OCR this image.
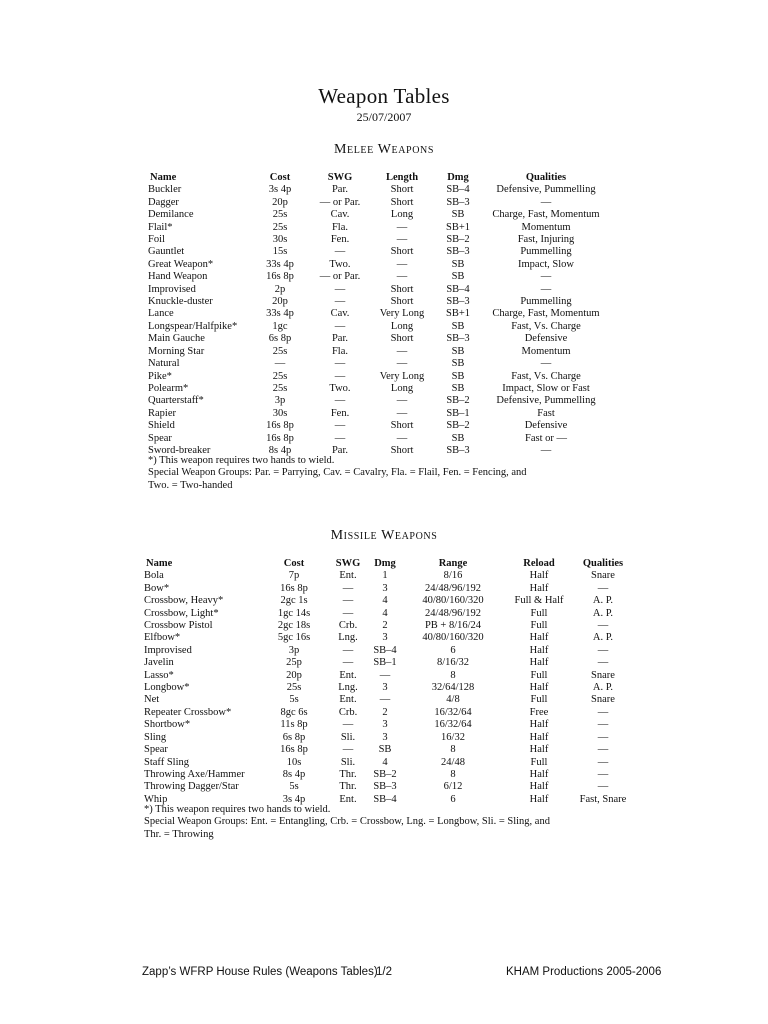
Weapon Tables
25/07/2007
Melee Weapons
Name	Cost	SWG	Length	Dmg	Qualities
Buckler	3s 4p	Par.	Short	SB–4	Defensive, Pummelling
Dagger	20p	— or Par.	Short	SB–3	—
Demilance	25s	Cav.	Long	SB	Charge, Fast, Momentum
Flail*	25s	Fla.	—	SB+1	Momentum
Foil	30s	Fen.	—	SB–2	Fast, Injuring
Gauntlet	15s	—	Short	SB–3	Pummelling
Great Weapon*	33s 4p	Two.	—	SB	Impact, Slow
Hand Weapon	16s 8p	— or Par.	—	SB	—
Improvised	2p	—	Short	SB–4	—
Knuckle-duster	20p	—	Short	SB–3	Pummelling
Lance	33s 4p	Cav.	Very Long	SB+1	Charge, Fast, Momentum
Longspear/Halfpike*	1gc	—	Long	SB	Fast, Vs. Charge
Main Gauche	6s 8p	Par.	Short	SB–3	Defensive
Morning Star	25s	Fla.	—	SB	Momentum
Natural	—	—	—	SB	—
Pike*	25s	—	Very Long	SB	Fast, Vs. Charge
Polearm*	25s	Two.	Long	SB	Impact, Slow or Fast
Quarterstaff*	3p	—	—	SB–2	Defensive, Pummelling
Rapier	30s	Fen.	—	SB–1	Fast
Shield	16s 8p	—	Short	SB–2	Defensive
Spear	16s 8p	—	—	SB	Fast or —
Sword-breaker	8s 4p	Par.	Short	SB–3	—
*) This weapon requires two hands to wield.
Special Weapon Groups: Par. = Parrying, Cav. = Cavalry, Fla. = Flail, Fen. = Fencing, and
Two. = Two-handed
Missile Weapons
Name	Cost	SWG	Dmg	Range	Reload	Qualities
Bola	7p	Ent.	1	8/16	Half	Snare
Bow*	16s 8p	—	3	24/48/96/192	Half	—
Crossbow, Heavy*	2gc 1s	—	4	40/80/160/320	Full & Half	A. P.
Crossbow, Light*	1gc 14s	—	4	24/48/96/192	Full	A. P.
Crossbow Pistol	2gc 18s	Crb.	2	PB + 8/16/24	Full	—
Elfbow*	5gc 16s	Lng.	3	40/80/160/320	Half	A. P.
Improvised	3p	—	SB–4	6	Half	—
Javelin	25p	—	SB–1	8/16/32	Half	—
Lasso*	20p	Ent.	—	8	Full	Snare
Longbow*	25s	Lng.	3	32/64/128	Half	A. P.
Net	5s	Ent.	—	4/8	Full	Snare
Repeater Crossbow*	8gc 6s	Crb.	2	16/32/64	Free	—
Shortbow*	11s 8p	—	3	16/32/64	Half	—
Sling	6s 8p	Sli.	3	16/32	Half	—
Spear	16s 8p	—	SB	8	Half	—
Staff Sling	10s	Sli.	4	24/48	Full	—
Throwing Axe/Hammer	8s 4p	Thr.	SB–2	8	Half	—
Throwing Dagger/Star	5s	Thr.	SB–3	6/12	Half	—
Whip	3s 4p	Ent.	SB–4	6	Half	Fast, Snare
*) This weapon requires two hands to wield.
Special Weapon Groups: Ent. = Entangling, Crb. = Crossbow, Lng. = Longbow, Sli. = Sling, and
Thr. = Throwing
Zapp’s WFRP House Rules (Weapons Tables)
1/2	KHAM Productions 2005-2006
